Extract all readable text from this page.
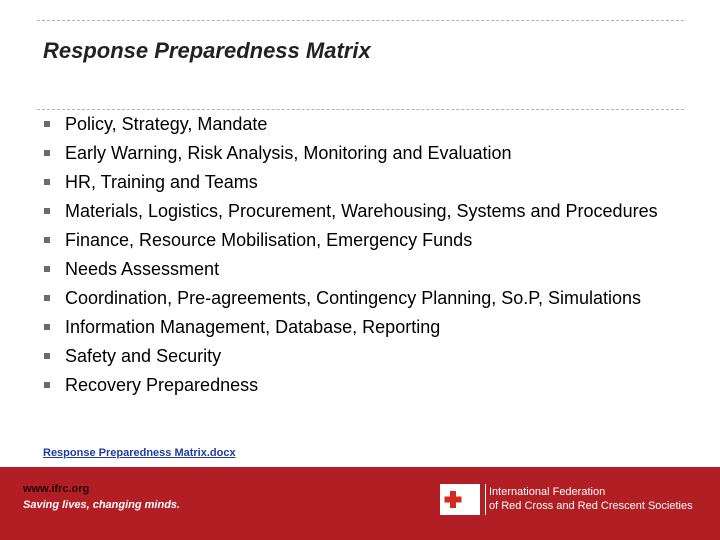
Response Preparedness Matrix
Policy, Strategy, Mandate
Early Warning, Risk Analysis, Monitoring and Evaluation
HR, Training and Teams
Materials, Logistics, Procurement, Warehousing, Systems and Procedures
Finance, Resource Mobilisation, Emergency Funds
Needs Assessment
Coordination, Pre-agreements, Contingency Planning, So.P, Simulations
Information Management, Database, Reporting
Safety and Security
Recovery Preparedness
Response Preparedness Matrix.docx
www.ifrc.org
Saving lives, changing minds.
International Federation
of Red Cross and Red Crescent Societies
